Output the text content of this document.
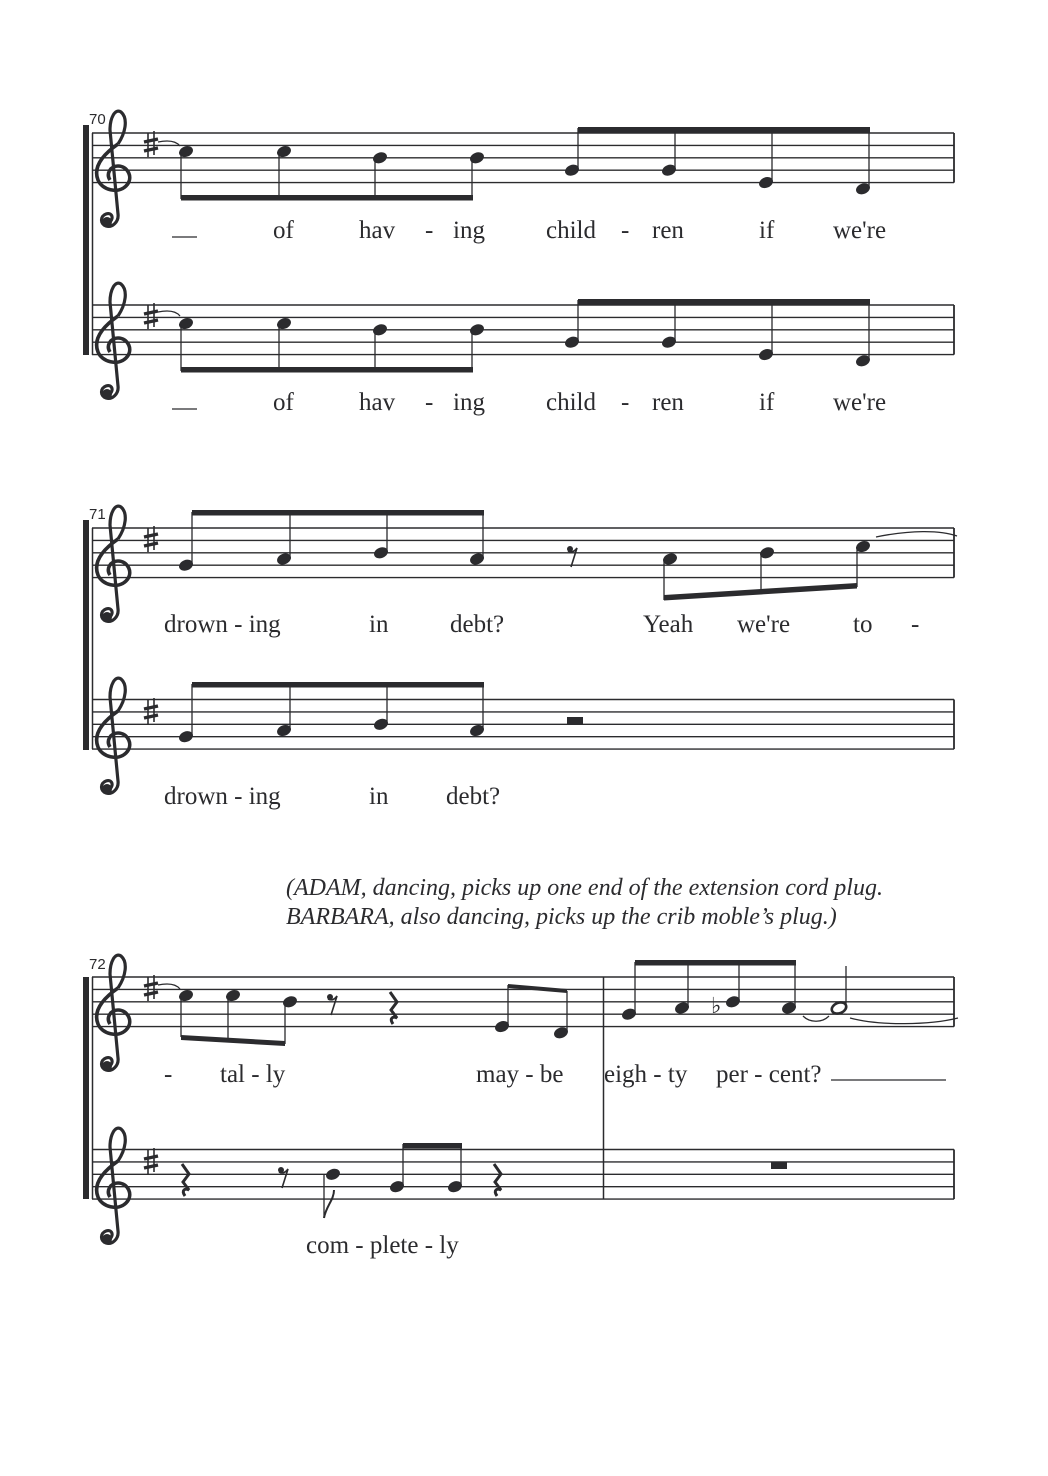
70
of	hav - ing child - ren	if we're
of	hav - ing child - ren	if we're
71
drown - ing	in debt?	Yeah we're	to -
drown - ing	in debt?
72
♭
- tal - ly	may - be eigh - ty per - cent?
com - plete - ly
(ADAM, dancing, picks up one end of the extension cord plug.
BARBARA, also dancing, picks up the crib moble’s plug.)
